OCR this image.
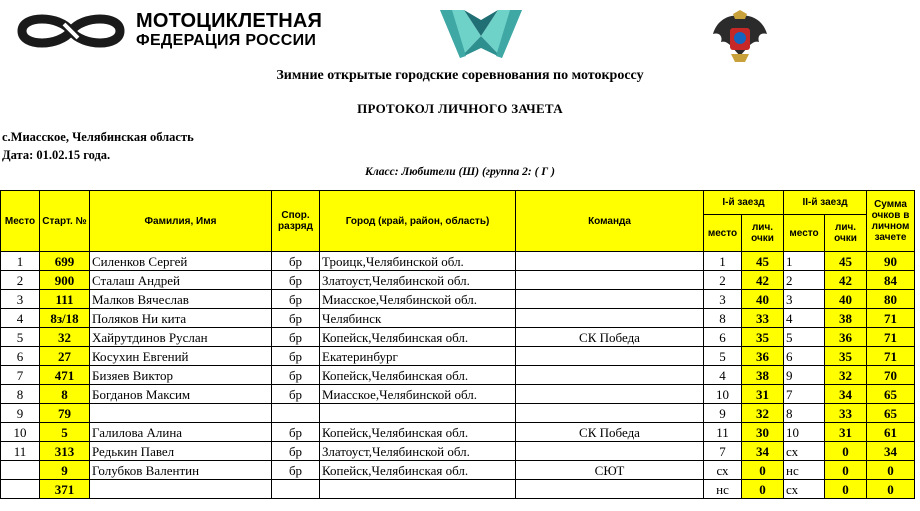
МОТОЦИКЛЕТНАЯ
ФЕДЕРАЦИЯ РОССИИ
Зимние открытые городские соревнования по мотокроссу
ПРОТОКОЛ ЛИЧНОГО ЗАЧЕТА
с.Миасское, Челябинская область
Дата: 01.02.15 года.
Класс: Любители (Ш) (группа 2: ( Г )
Место	Старт. №	Фамилия, Имя	Спор. разряд	Город (край, район, область)	Команда	I-й заезд		II-й заезд		Сумма очков в личном зачете
						место	лич. очки	место	лич. очки	
1	699	Силенков Сергей	бр	Троицк,Челябинской обл.		1	45	1	45	90
2	900	Сталаш Андрей	бр	Златоуст,Челябинской обл.		2	42	2	42	84
3	111	Малков Вячеслав	бр	Миасское,Челябинской обл.		3	40	3	40	80
4	8з/18	Поляков Ни кита	бр	Челябинск		8	33	4	38	71
5	32	Хайрутдинов Руслан	бр	Копейск,Челябинская обл.	СК Победа	6	35	5	36	71
6	27	Косухин Евгений	бр	Екатеринбург		5	36	6	35	71
7	471	Бизяев Виктор	бр	Копейск,Челябинская обл.		4	38	9	32	70
8	8	Богданов Максим	бр	Миасское,Челябинской обл.		10	31	7	34	65
9	79					9	32	8	33	65
10	5	Галилова Алина	бр	Копейск,Челябинская обл.	СК Победа	11	30	10	31	61
11	313	Редькин Павел	бр	Златоуст,Челябинской обл.		7	34	сх	0	34
	9	Голубков Валентин	бр	Копейск,Челябинская обл.	СЮТ	сх	0	нс	0	0
	371					нс	0	сх	0	0
